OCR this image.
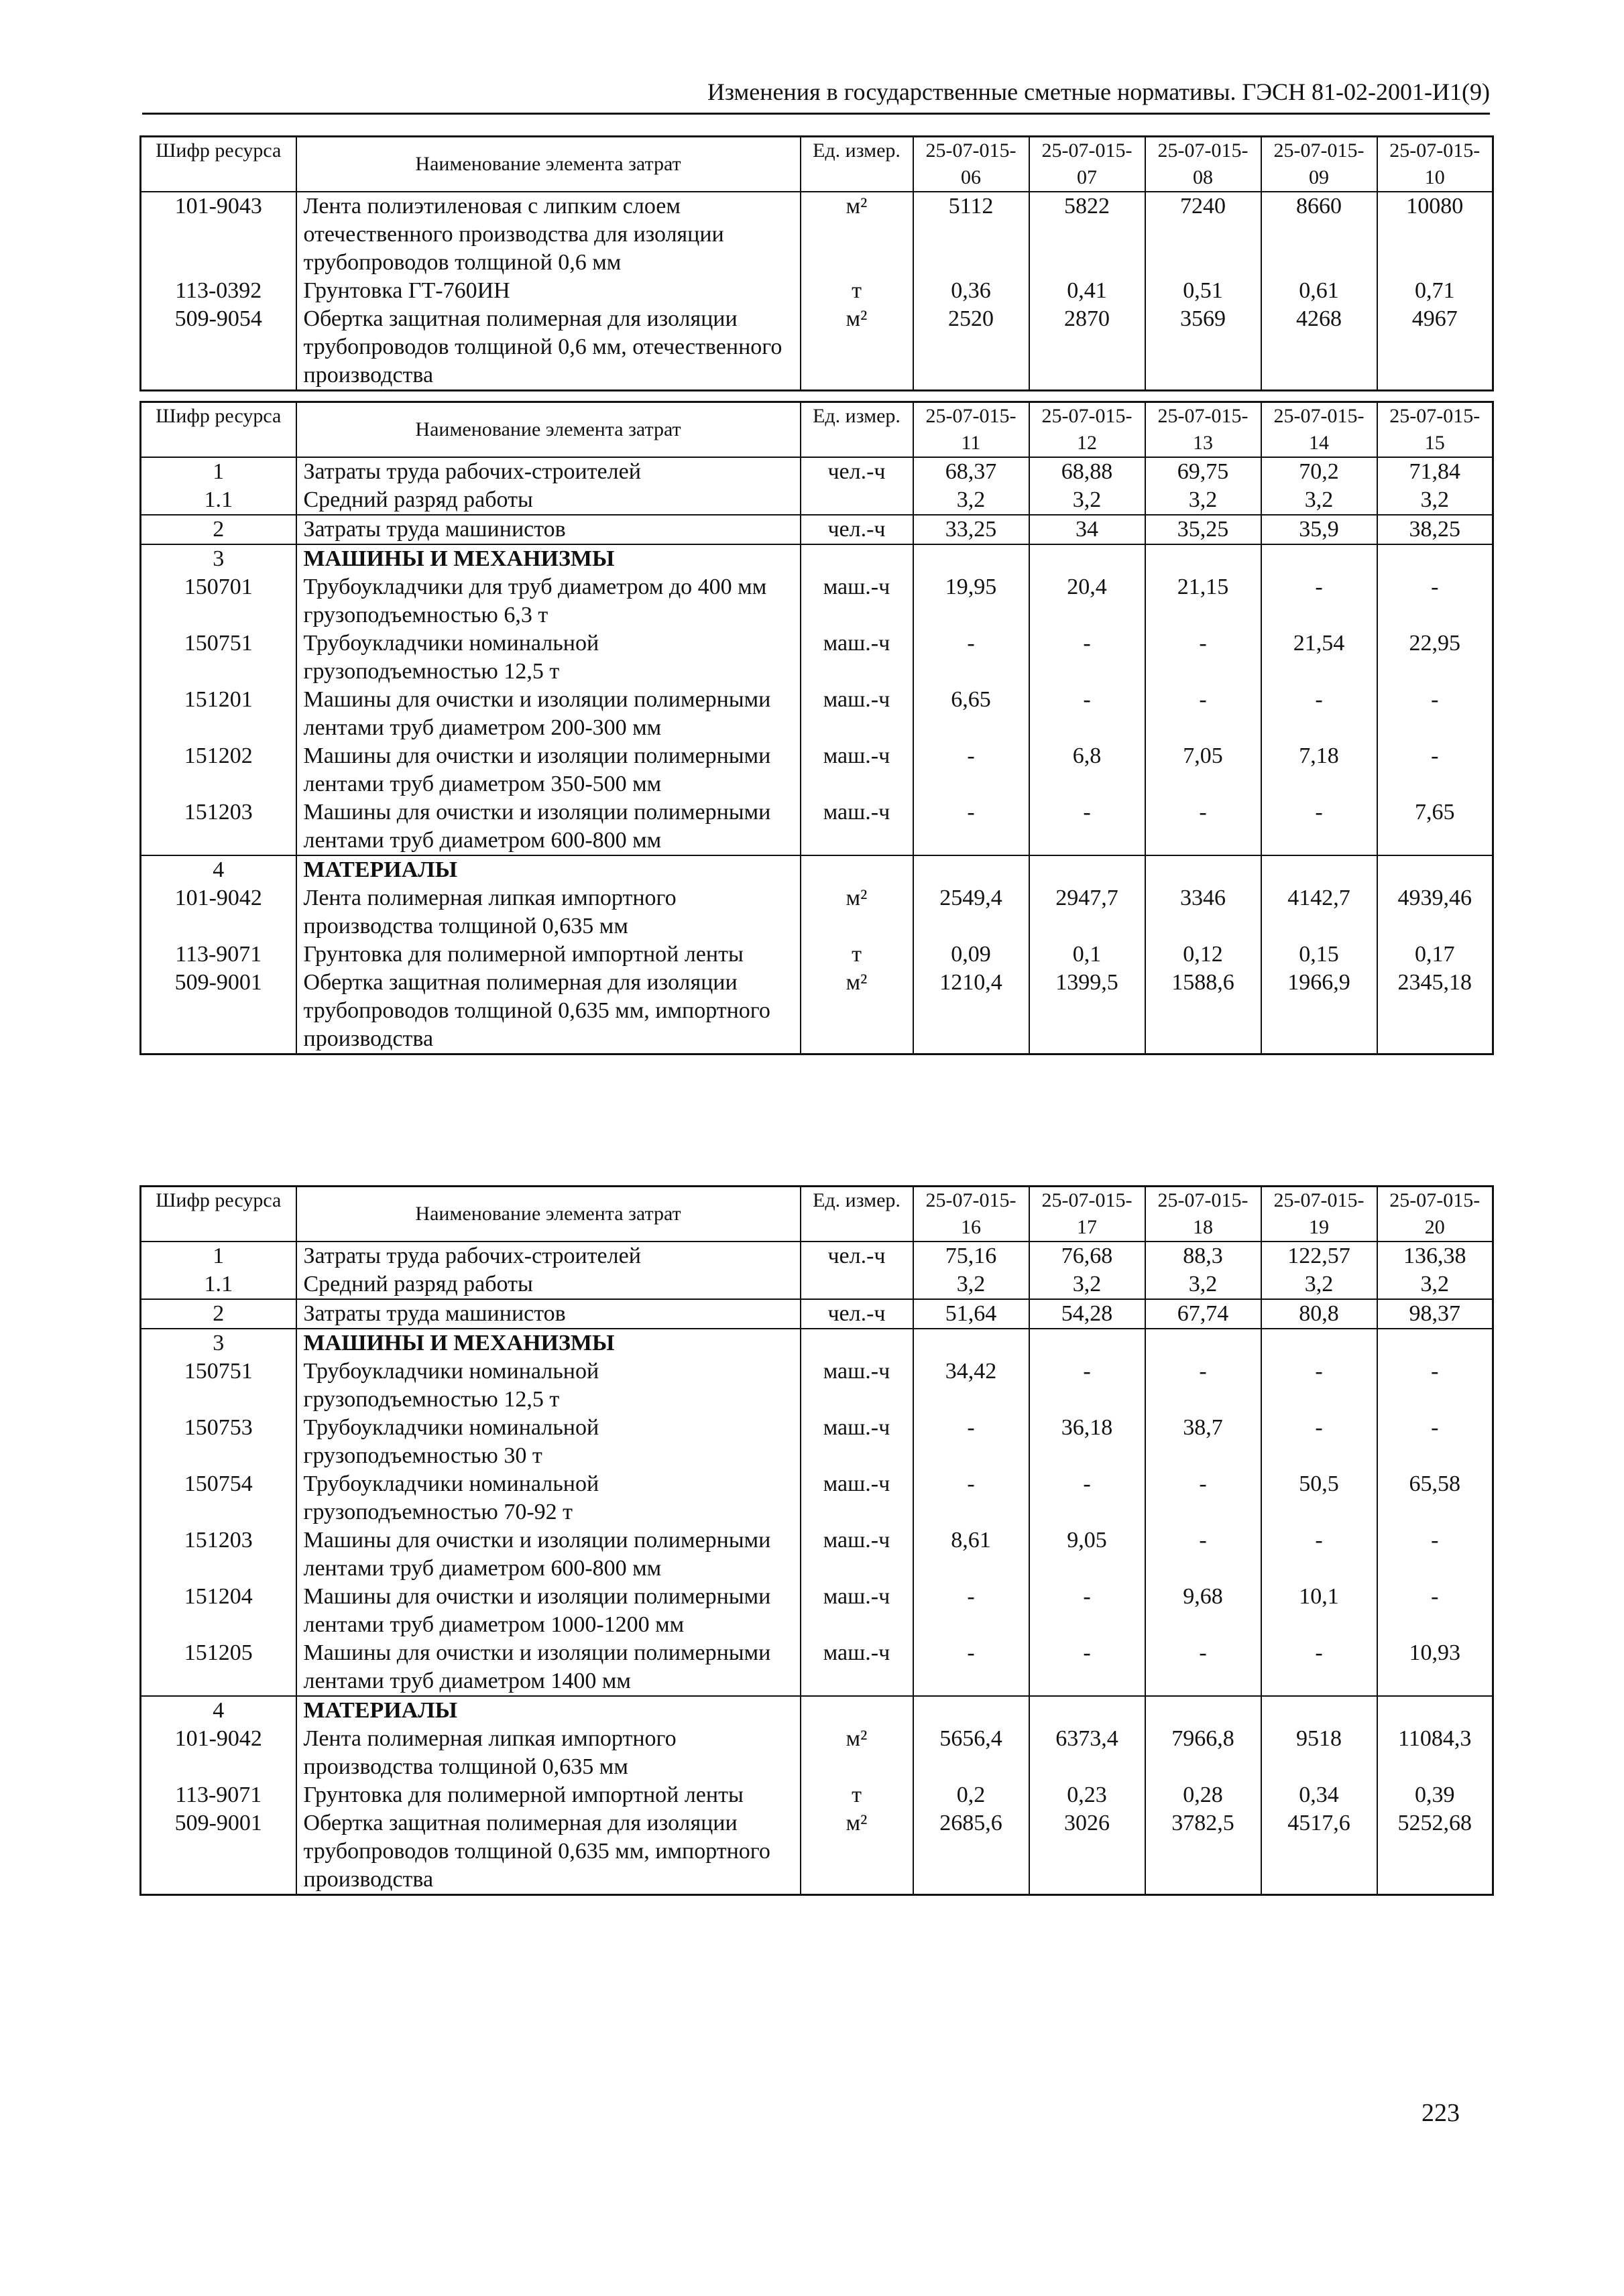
Изменения в государственные сметные нормативы. ГЭСН 81-02-2001-И1(9)
Шифр ресурса	Наименование элемента затрат	Ед. измер.	25-07-015-06	25-07-015-07	25-07-015-08	25-07-015-09	25-07-015-10
101-9043	Лента полиэтиленовая с липким слоем отечественного производства для изоляции трубопроводов толщиной 0,6 мм	м²	5112	5822	7240	8660	10080
113-0392	Грунтовка ГТ-760ИН	т	0,36	0,41	0,51	0,61	0,71
509-9054	Обертка защитная полимерная для изоляции трубопроводов толщиной 0,6 мм, отечественного производства	м²	2520	2870	3569	4268	4967
Шифр ресурса	Наименование элемента затрат	Ед. измер.	25-07-015-11	25-07-015-12	25-07-015-13	25-07-015-14	25-07-015-15
1	Затраты труда рабочих-строителей	чел.-ч	68,37	68,88	69,75	70,2	71,84
1.1	Средний разряд работы		3,2	3,2	3,2	3,2	3,2
2	Затраты труда машинистов	чел.-ч	33,25	34	35,25	35,9	38,25
3	МАШИНЫ И МЕХАНИЗМЫ						
150701	Трубоукладчики для труб диаметром до 400 мм грузоподъемностью 6,3 т	маш.-ч	19,95	20,4	21,15	-	-
150751	Трубоукладчики номинальной грузоподъемностью 12,5 т	маш.-ч	-	-	-	21,54	22,95
151201	Машины для очистки и изоляции полимерными лентами труб диаметром 200-300 мм	маш.-ч	6,65	-	-	-	-
151202	Машины для очистки и изоляции полимерными лентами труб диаметром 350-500 мм	маш.-ч	-	6,8	7,05	7,18	-
151203	Машины для очистки и изоляции полимерными лентами труб диаметром 600-800 мм	маш.-ч	-	-	-	-	7,65
4	МАТЕРИАЛЫ						
101-9042	Лента полимерная липкая импортного производства толщиной 0,635 мм	м²	2549,4	2947,7	3346	4142,7	4939,46
113-9071	Грунтовка для полимерной импортной ленты	т	0,09	0,1	0,12	0,15	0,17
509-9001	Обертка защитная полимерная для изоляции трубопроводов толщиной 0,635 мм, импортного производства	м²	1210,4	1399,5	1588,6	1966,9	2345,18
Шифр ресурса	Наименование элемента затрат	Ед. измер.	25-07-015-16	25-07-015-17	25-07-015-18	25-07-015-19	25-07-015-20
1	Затраты труда рабочих-строителей	чел.-ч	75,16	76,68	88,3	122,57	136,38
1.1	Средний разряд работы		3,2	3,2	3,2	3,2	3,2
2	Затраты труда машинистов	чел.-ч	51,64	54,28	67,74	80,8	98,37
3	МАШИНЫ И МЕХАНИЗМЫ						
150751	Трубоукладчики номинальной грузоподъемностью 12,5 т	маш.-ч	34,42	-	-	-	-
150753	Трубоукладчики номинальной грузоподъемностью 30 т	маш.-ч	-	36,18	38,7	-	-
150754	Трубоукладчики номинальной грузоподъемностью 70-92 т	маш.-ч	-	-	-	50,5	65,58
151203	Машины для очистки и изоляции полимерными лентами труб диаметром 600-800 мм	маш.-ч	8,61	9,05	-	-	-
151204	Машины для очистки и изоляции полимерными лентами труб диаметром 1000-1200 мм	маш.-ч	-	-	9,68	10,1	-
151205	Машины для очистки и изоляции полимерными лентами труб диаметром 1400 мм	маш.-ч	-	-	-	-	10,93
4	МАТЕРИАЛЫ						
101-9042	Лента полимерная липкая импортного производства толщиной 0,635 мм	м²	5656,4	6373,4	7966,8	9518	11084,3
113-9071	Грунтовка для полимерной импортной ленты	т	0,2	0,23	0,28	0,34	0,39
509-9001	Обертка защитная полимерная для изоляции трубопроводов толщиной 0,635 мм, импортного производства	м²	2685,6	3026	3782,5	4517,6	5252,68
223
